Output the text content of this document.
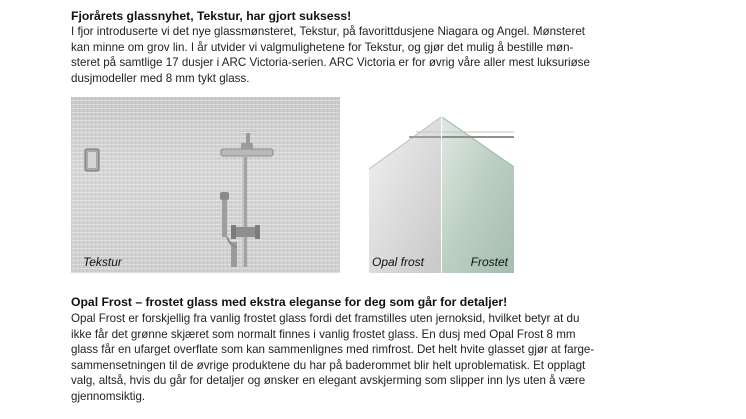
Fjorårets glassnyhet, Tekstur, har gjort suksess!
I fjor introduserte vi det nye glassmønsteret, Tekstur, på favorittdusjene Niagara og Angel. Mønsteret
kan minne om grov lin. I år utvider vi valgmulighetene for Tekstur, og gjør det mulig å bestille møn-
steret på samtlige 17 dusjer i ARC Victoria-serien. ARC Victoria er for øvrig våre aller mest luksuriøse
dusjmodeller med 8 mm tykt glass.
Tekstur	Opal frost	Frostet
Opal Frost – frostet glass med ekstra eleganse for deg som går for detaljer!
Opal Frost er forskjellig fra vanlig frostet glass fordi det framstilles uten jernoksid, hvilket betyr at du
ikke får det grønne skjæret som normalt finnes i vanlig frostet glass. En dusj med Opal Frost 8 mm
glass får en ufarget overflate som kan sammenlignes med rimfrost. Det helt hvite glasset gjør at farge-
sammensetningen til de øvrige produktene du har på baderommet blir helt uproblematisk. Et opplagt
valg, altså, hvis du går for detaljer og ønsker en elegant avskjerming som slipper inn lys uten å være
gjennomsiktig.
